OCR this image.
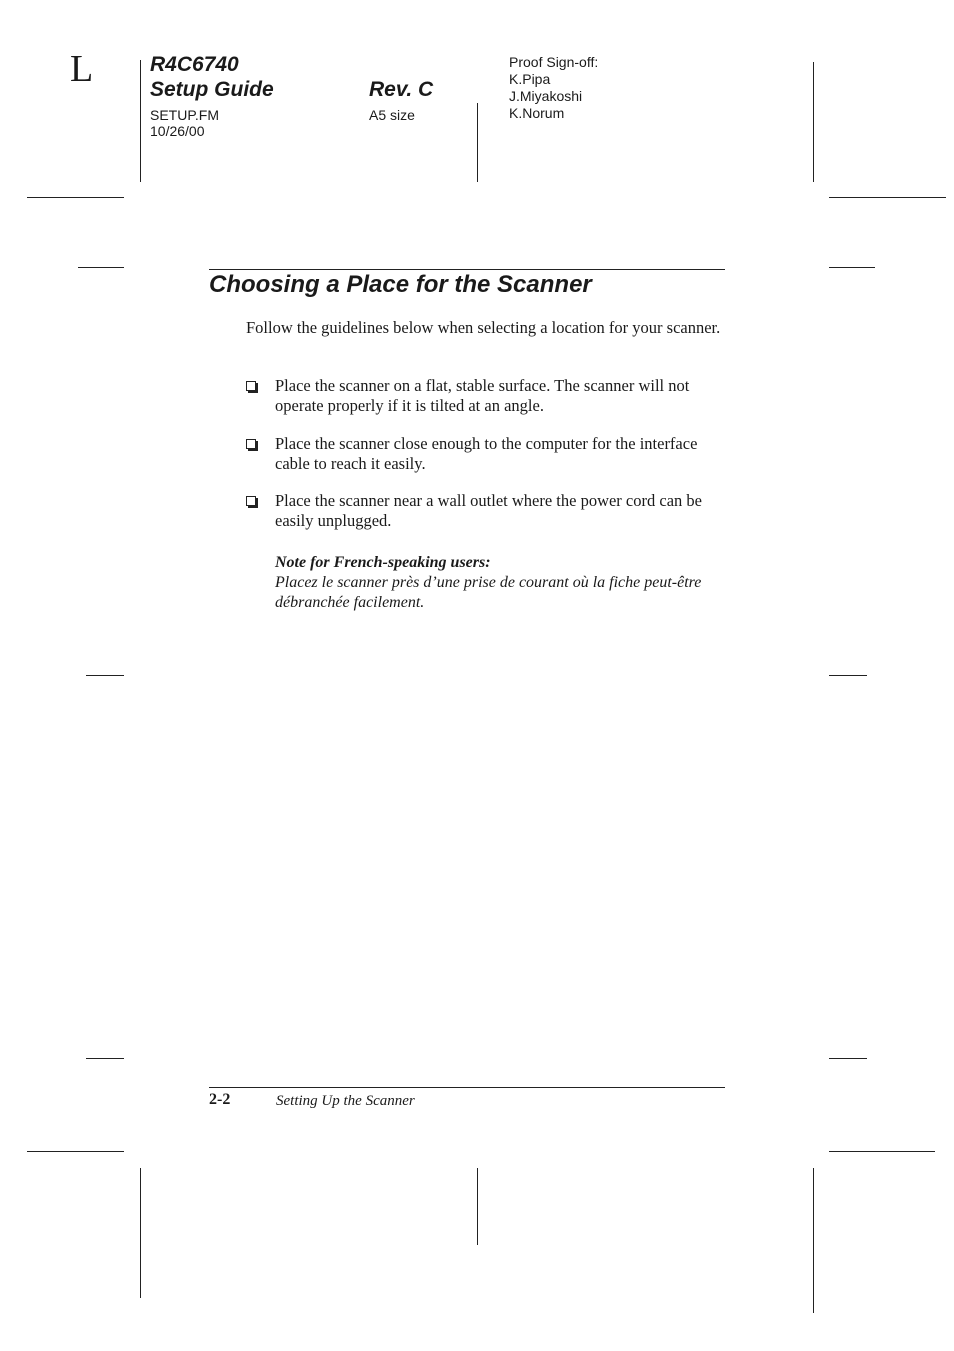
L	R4C6740
Setup Guide	Rev. C
SETUP.FM
10/26/00
A5 size
Proof Sign-off:
K.Pipa
J.Miyakoshi
K.Norum
Choosing a Place for the Scanner

Follow the guidelines below when selecting a location for your scanner.

Place the scanner on a flat, stable surface. The scanner will not operate properly if it is tilted at an angle.
Place the scanner close enough to the computer for the interface cable to reach it easily.
Place the scanner near a wall outlet where the power cord can be easily unplugged.
Note for French-speaking users:
Placez le scanner près d’une prise de courant où la fiche peut-être débranchée facilement.
2-2	Setting Up the Scanner
